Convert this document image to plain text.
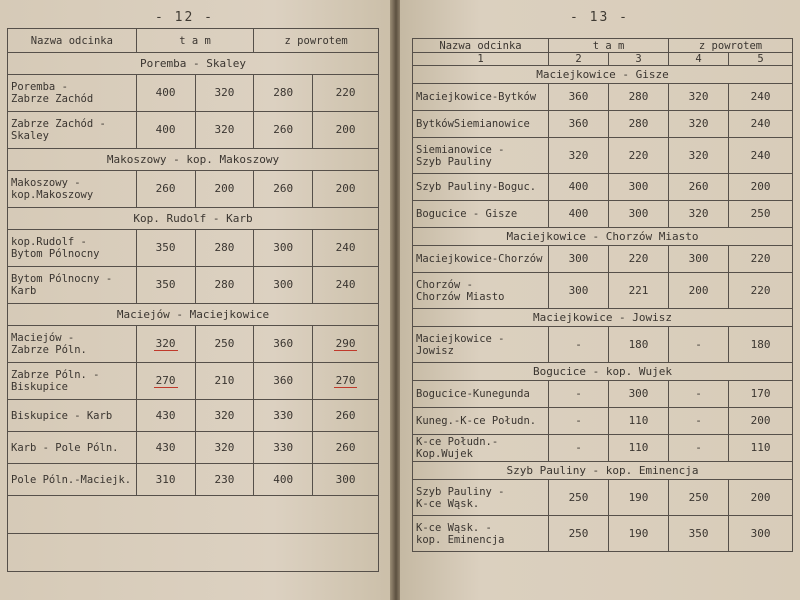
- 12 -
Nazwa odcinka	t a m		z powrotem	
Poremba - Skaley				
Poremba -
Zabrze Zachód	400	320	280	220
Zabrze Zachód -
Skaley	400	320	260	200
Makoszowy - kop. Makoszowy				
Makoszowy -
kop.Makoszowy	260	200	260	200
Kop. Rudolf - Karb				
kop.Rudolf -
Bytom Pólnocny	350	280	300	240
Bytom Pólnocny -
Karb	350	280	300	240
Maciejów - Maciejkowice				
Maciejów -
Zabrze Póln.	320	250	360	290
Zabrze Póln. -
Biskupice	270	210	360	270
Biskupice - Karb	430	320	330	260
Karb - Pole Póln.	430	320	330	260
Pole Póln.-Maciejk.	310	230	400	300

- 13 -
Nazwa odcinka	t a m		z powrotem	
1	2	3	4	5
Maciejkowice - Gisze				
Maciejkowice-Bytków	360	280	320	240
BytkówSiemianowice	360	280	320	240
Siemianowice -
Szyb Pauliny	320	220	320	240
Szyb Pauliny-Boguc.	400	300	260	200
Bogucice - Gisze	400	300	320	250
Maciejkowice - Chorzów Miasto				
Maciejkowice-Chorzów	300	220	300	220
Chorzów -
Chorzów Miasto	300	221	200	220
Maciejkowice - Jowisz				
Maciejkowice -
Jowisz	-	180	-	180
Bogucice - kop. Wujek				
Bogucice-Kunegunda	-	300	-	170
Kuneg.-K-ce Połudn.	-	110	-	200
K-ce Połudn.-Kop.Wujek	-	110	-	110
Szyb Pauliny - kop. Eminencja				
Szyb Pauliny -
K-ce Wąsk.	250	190	250	200
K-ce Wąsk. -
kop. Eminencja	250	190	350	300
